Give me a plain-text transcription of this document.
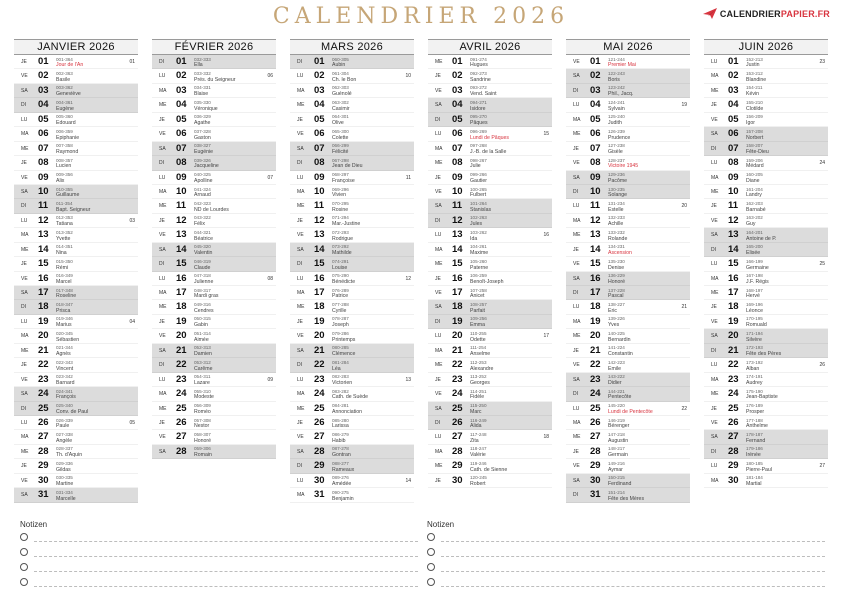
CALENDRIER 2026	CALENDRIERPAPIER.FR
JANVIER 2026
JE 01 001-364
Jour de l'An
01
VE 02 002-363
Basile
SA 03 003-362
Geneviève
DI 04 004-361
Eugène
LU 05 005-360
Edouard
MA 06 006-359
Epiphanie
ME 07 007-358
Raymond
JE 08 008-357
Lucien
VE 09 009-356
Alix
SA 10 010-355
Guillaume
DI 11 011-354
Bapt. Seigneur
LU 12 012-353
Tatiana
03
MA 13 013-352
Yvette
ME 14 014-351
Nina
JE 15 015-350
Rémi
VE 16 016-349
Marcel
SA 17 017-348
Roseline
DI 18 018-347
Prisca
LU 19 019-346
Marius
04
MA 20 020-345
Sébastien
ME 21 021-344
Agnès
JE 22 022-343
Vincent
VE 23 023-342
Barnard
SA 24 024-341
François
DI 25 025-340
Conv. de Paul
LU 26 026-339
Paule
05
MA 27 027-338
Angèle
ME 28 028-337
Th. d'Aquin
JE 29 029-336
Gildas
VE 30 030-335
Martine
SA 31 031-334
Marcelle
FÉVRIER 2026
DI 01 032-333
Ella
LU 02 033-332
Prés. du Seigneur
06
MA 03 034-331
Blaise
ME 04 035-330
Véronique
JE 05 036-329
Agathe
VE 06 037-328
Gaston
SA 07 038-327
Eugénie
DI 08 039-326
Jacqueline
LU 09 040-325
Apolline
07
MA 10 041-324
Arnaud
ME 11 042-323
ND de Lourdes
JE 12 043-322
Félix
VE 13 044-321
Béatrice
SA 14 045-320
Valentin
DI 15 046-319
Claude
LU 16 047-318
Julienne
08
MA 17 048-317
Mardi gras
ME 18 049-316
Cendres
JE 19 050-315
Gabin
VE 20 051-314
Aimée
SA 21 052-313
Damien
DI 22 053-312
Carême
LU 23 054-311
Lazare
09
MA 24 055-310
Modeste
ME 25 056-309
Roméo
JE 26 057-308
Nestor
VE 27 058-307
Honoré
SA 28 059-306
Romain
MARS 2026
DI 01 060-305
Aubin
LU 02 061-304
Ch. le Bon
10
MA 03 062-303
Guénolé
ME 04 063-302
Casimir
JE 05 064-301
Olive
VE 06 065-300
Colette
SA 07 066-299
Félicité
DI 08 067-298
Jean de Dieu
LU 09 068-297
Françoise
11
MA 10 069-296
Vivien
ME 11 070-295
Rosine
JE 12 071-294
Mar.-Justine
VE 13 072-293
Rodrigue
SA 14 073-292
Mathilde
DI 15 074-291
Louise
LU 16 075-290
Bénédicte
12
MA 17 076-289
Patrice
ME 18 077-288
Cyrille
JE 19 078-287
Joseph
VE 20 079-286
Printemps
SA 21 080-285
Clémence
DI 22 081-284
Léa
LU 23 082-283
Victorien
13
MA 24 083-282
Cath. de Suède
ME 25 084-281
Annonciation
JE 26 085-280
Larissa
VE 27 086-279
Habib
SA 28 087-278
Gontran
DI 29 088-277
Rameaux
LU 30 089-276
Amédée
14
MA 31 090-275
Benjamin
AVRIL 2026
ME 01 091-274
Hugues
JE 02 092-273
Sandrine
VE 03 093-272
Vend. Saint
SA 04 094-271
Isidore
DI 05 095-270
Pâques
LU 06 096-269
Lundi de Pâques
15
MA 07 097-268
J.-B. de la Salle
ME 08 098-267
Julie
JE 09 099-266
Gautier
VE 10 100-265
Fulbert
SA 11 101-264
Stanislas
DI 12 102-263
Jules
LU 13 103-262
Ida
16
MA 14 104-261
Maxime
ME 15 105-260
Paterne
JE 16 106-259
Benoît-Joseph
VE 17 107-258
Anicet
SA 18 108-257
Parfait
DI 19 109-256
Emma
LU 20 110-255
Odette
17
MA 21 111-254
Anselme
ME 22 112-253
Alexandre
JE 23 113-252
Georges
VE 24 114-251
Fidèle
SA 25 115-250
Marc
DI 26 116-249
Alida
LU 27 117-248
Zita
18
MA 28 118-247
Valérie
ME 29 119-246
Cath. de Sienne
JE 30 120-245
Robert
MAI 2026
VE 01 121-244
Premier Mai
SA 02 122-243
Boris
DI 03 123-242
Phil., Jacq.
LU 04 124-241
Sylvain
19
MA 05 125-240
Judith
ME 06 126-239
Prudence
JE 07 127-238
Gisèle
VE 08 128-237
Victoire 1945
SA 09 129-236
Pacôme
DI 10 130-235
Solange
LU 11 131-234
Estelle
20
MA 12 132-233
Achille
ME 13 133-232
Rolande
JE 14 134-231
Ascension
VE 15 135-230
Denise
SA 16 136-229
Honoré
DI 17 137-228
Pascal
LU 18 138-227
Eric
21
MA 19 139-226
Yves
ME 20 140-225
Bernardin
JE 21 141-224
Constantin
VE 22 142-223
Emile
SA 23 143-222
Didier
DI 24 144-221
Pentecôte
LU 25 145-220
Lundi de Pentecôte
22
MA 26 146-219
Bérenger
ME 27 147-218
Augustin
JE 28 148-217
Germain
VE 29 149-216
Aymar
SA 30 150-215
Ferdinand
DI 31 151-214
Fête des Mères
JUIN 2026
LU 01 152-213
Justin
23
MA 02 153-212
Blandine
ME 03 154-211
Kévin
JE 04 155-210
Clotilde
VE 05 156-209
Igor
SA 06 157-208
Norbert
DI 07 158-207
Fête-Dieu
LU 08 159-206
Médard
24
MA 09 160-205
Diane
ME 10 161-204
Landry
JE 11 162-203
Barnabé
VE 12 163-202
Guy
SA 13 164-201
Antoine de P.
DI 14 165-200
Elisée
LU 15 166-199
Germaine
25
MA 16 167-198
J.F. Régis
ME 17 168-197
Hervé
JE 18 169-196
Léonce
VE 19 170-195
Romuald
SA 20 171-194
Silvère
DI 21 172-193
Fête des Pères
LU 22 173-192
Alban
26
MA 23 174-191
Audrey
ME 24 175-190
Jean-Baptiste
JE 25 176-189
Prosper
VE 26 177-188
Anthelme
SA 27 178-187
Fernand
DI 28 179-186
Irénée
LU 29 180-185
Pierre-Paul
27
MA 30 181-184
Martial
Notizen	Notizen
